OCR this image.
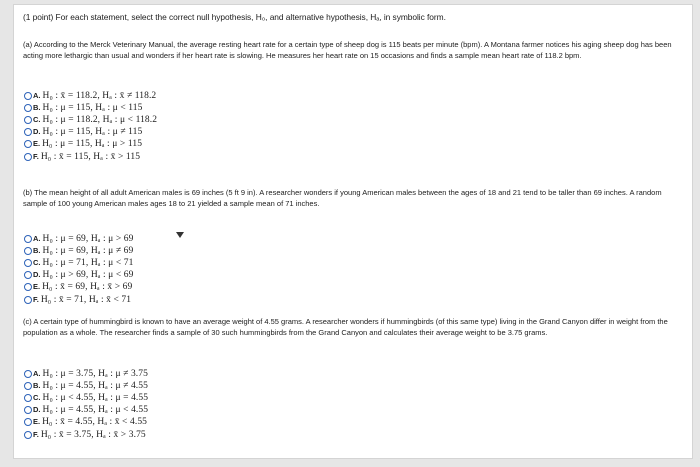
(1 point) For each statement, select the correct null hypothesis, H₀, and alternative hypothesis, Hₐ, in symbolic form.
(a) According to the Merck Veterinary Manual, the average resting heart rate for a certain type of sheep dog is 115 beats per minute (bpm). A Montana farmer notices his aging sheep dog has been acting more lethargic than usual and wonders if her heart rate is slowing. He measures her heart rate on 15 occasions and finds a sample mean heart rate of 118.2 bpm.
A. H₀ : x̄ = 118.2, Hₐ : x̄ ≠ 118.2
B. H₀ : μ = 115, Hₐ : μ < 115
C. H₀ : μ = 118.2, Hₐ : μ < 118.2
D. H₀ : μ = 115, Hₐ : μ ≠ 115
E. H₀ : μ = 115, Hₐ : μ > 115
F. H₀ : x̄ = 115, Hₐ : x̄ > 115
(b) The mean height of all adult American males is 69 inches (5 ft 9 in). A researcher wonders if young American males between the ages of 18 and 21 tend to be taller than 69 inches. A random sample of 100 young American males ages 18 to 21 yielded a sample mean of 71 inches.
A. H₀ : μ = 69, Hₐ : μ > 69
B. H₀ : μ = 69, Hₐ : μ ≠ 69
C. H₀ : μ = 71, Hₐ : μ < 71
D. H₀ : μ > 69, Hₐ : μ < 69
E. H₀ : x̄ = 69, Hₐ : x̄ > 69
F. H₀ : x̄ = 71, Hₐ : x̄ < 71
(c) A certain type of hummingbird is known to have an average weight of 4.55 grams. A researcher wonders if hummingbirds (of this same type) living in the Grand Canyon differ in weight from the population as a whole. The researcher finds a sample of 30 such hummingbirds from the Grand Canyon and calculates their average weight to be 3.75 grams.
A. H₀ : μ = 3.75, Hₐ : μ ≠ 3.75
B. H₀ : μ = 4.55, Hₐ : μ ≠ 4.55
C. H₀ : μ < 4.55, Hₐ : μ = 4.55
D. H₀ : μ = 4.55, Hₐ : μ < 4.55
E. H₀ : x̄ = 4.55, Hₐ : x̄ < 4.55
F. H₀ : x̄ = 3.75, Hₐ : x̄ > 3.75
